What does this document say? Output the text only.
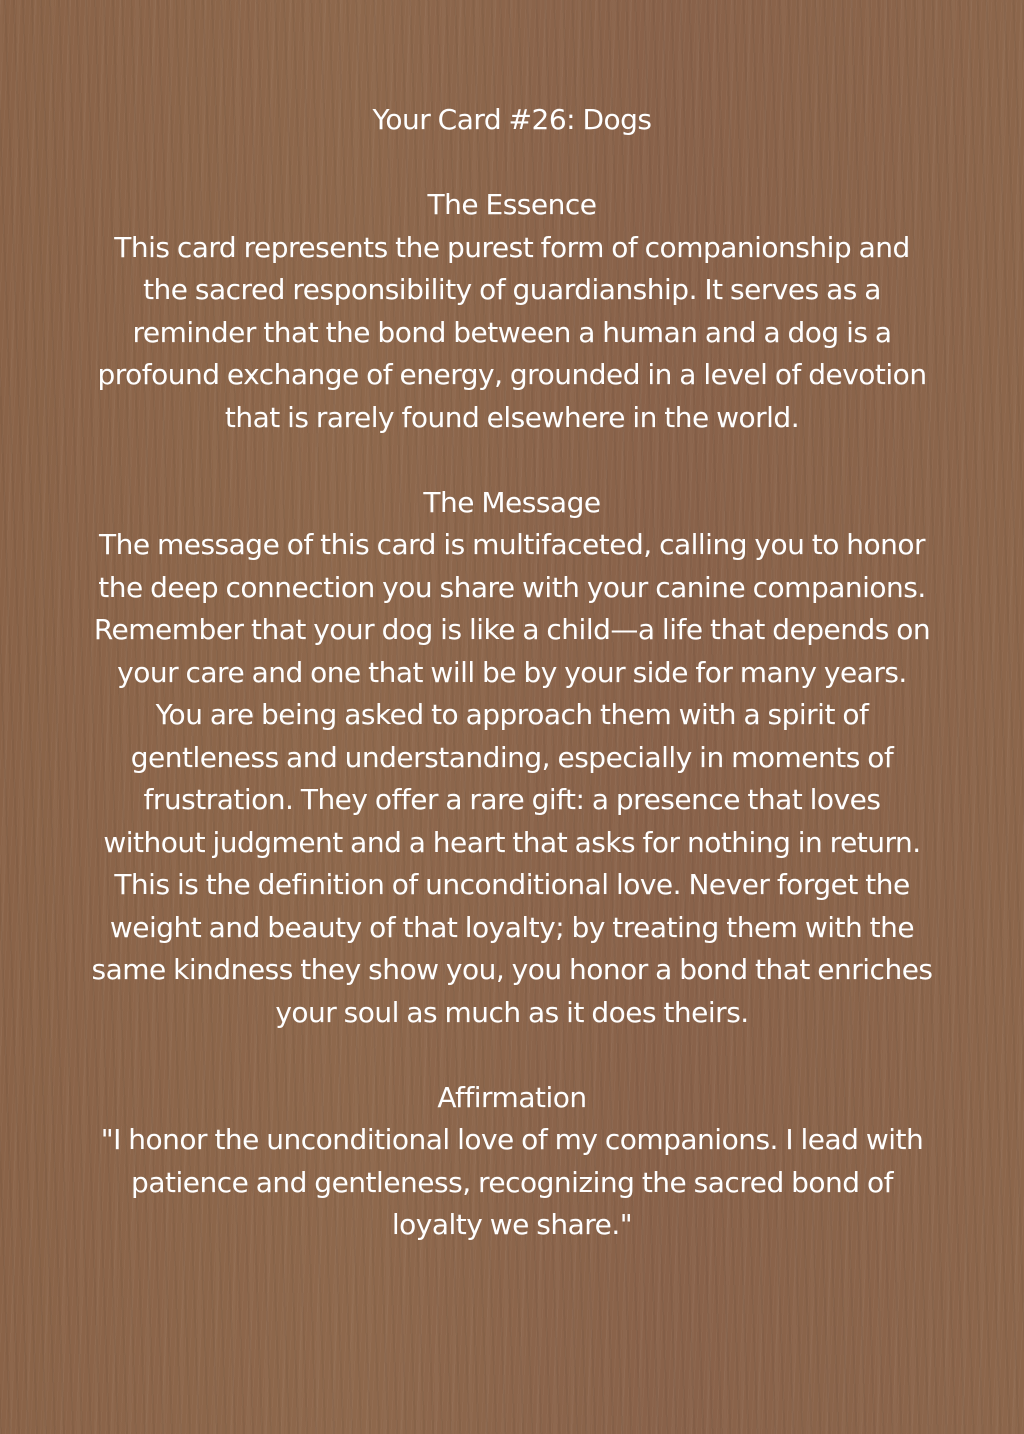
Your Card #26: Dogs
The Essence
This card represents the purest form of companionship and
the sacred responsibility of guardianship. It serves as a
reminder that the bond between a human and a dog is a
profound exchange of energy, grounded in a level of devotion
that is rarely found elsewhere in the world.
The Message
The message of this card is multifaceted, calling you to honor
the deep connection you share with your canine companions.
Remember that your dog is like a child—a life that depends on
your care and one that will be by your side for many years.
You are being asked to approach them with a spirit of
gentleness and understanding, especially in moments of
frustration. They offer a rare gift: a presence that loves
without judgment and a heart that asks for nothing in return.
This is the definition of unconditional love. Never forget the
weight and beauty of that loyalty; by treating them with the
same kindness they show you, you honor a bond that enriches
your soul as much as it does theirs.
Affirmation
"I honor the unconditional love of my companions. I lead with
patience and gentleness, recognizing the sacred bond of
loyalty we share."
